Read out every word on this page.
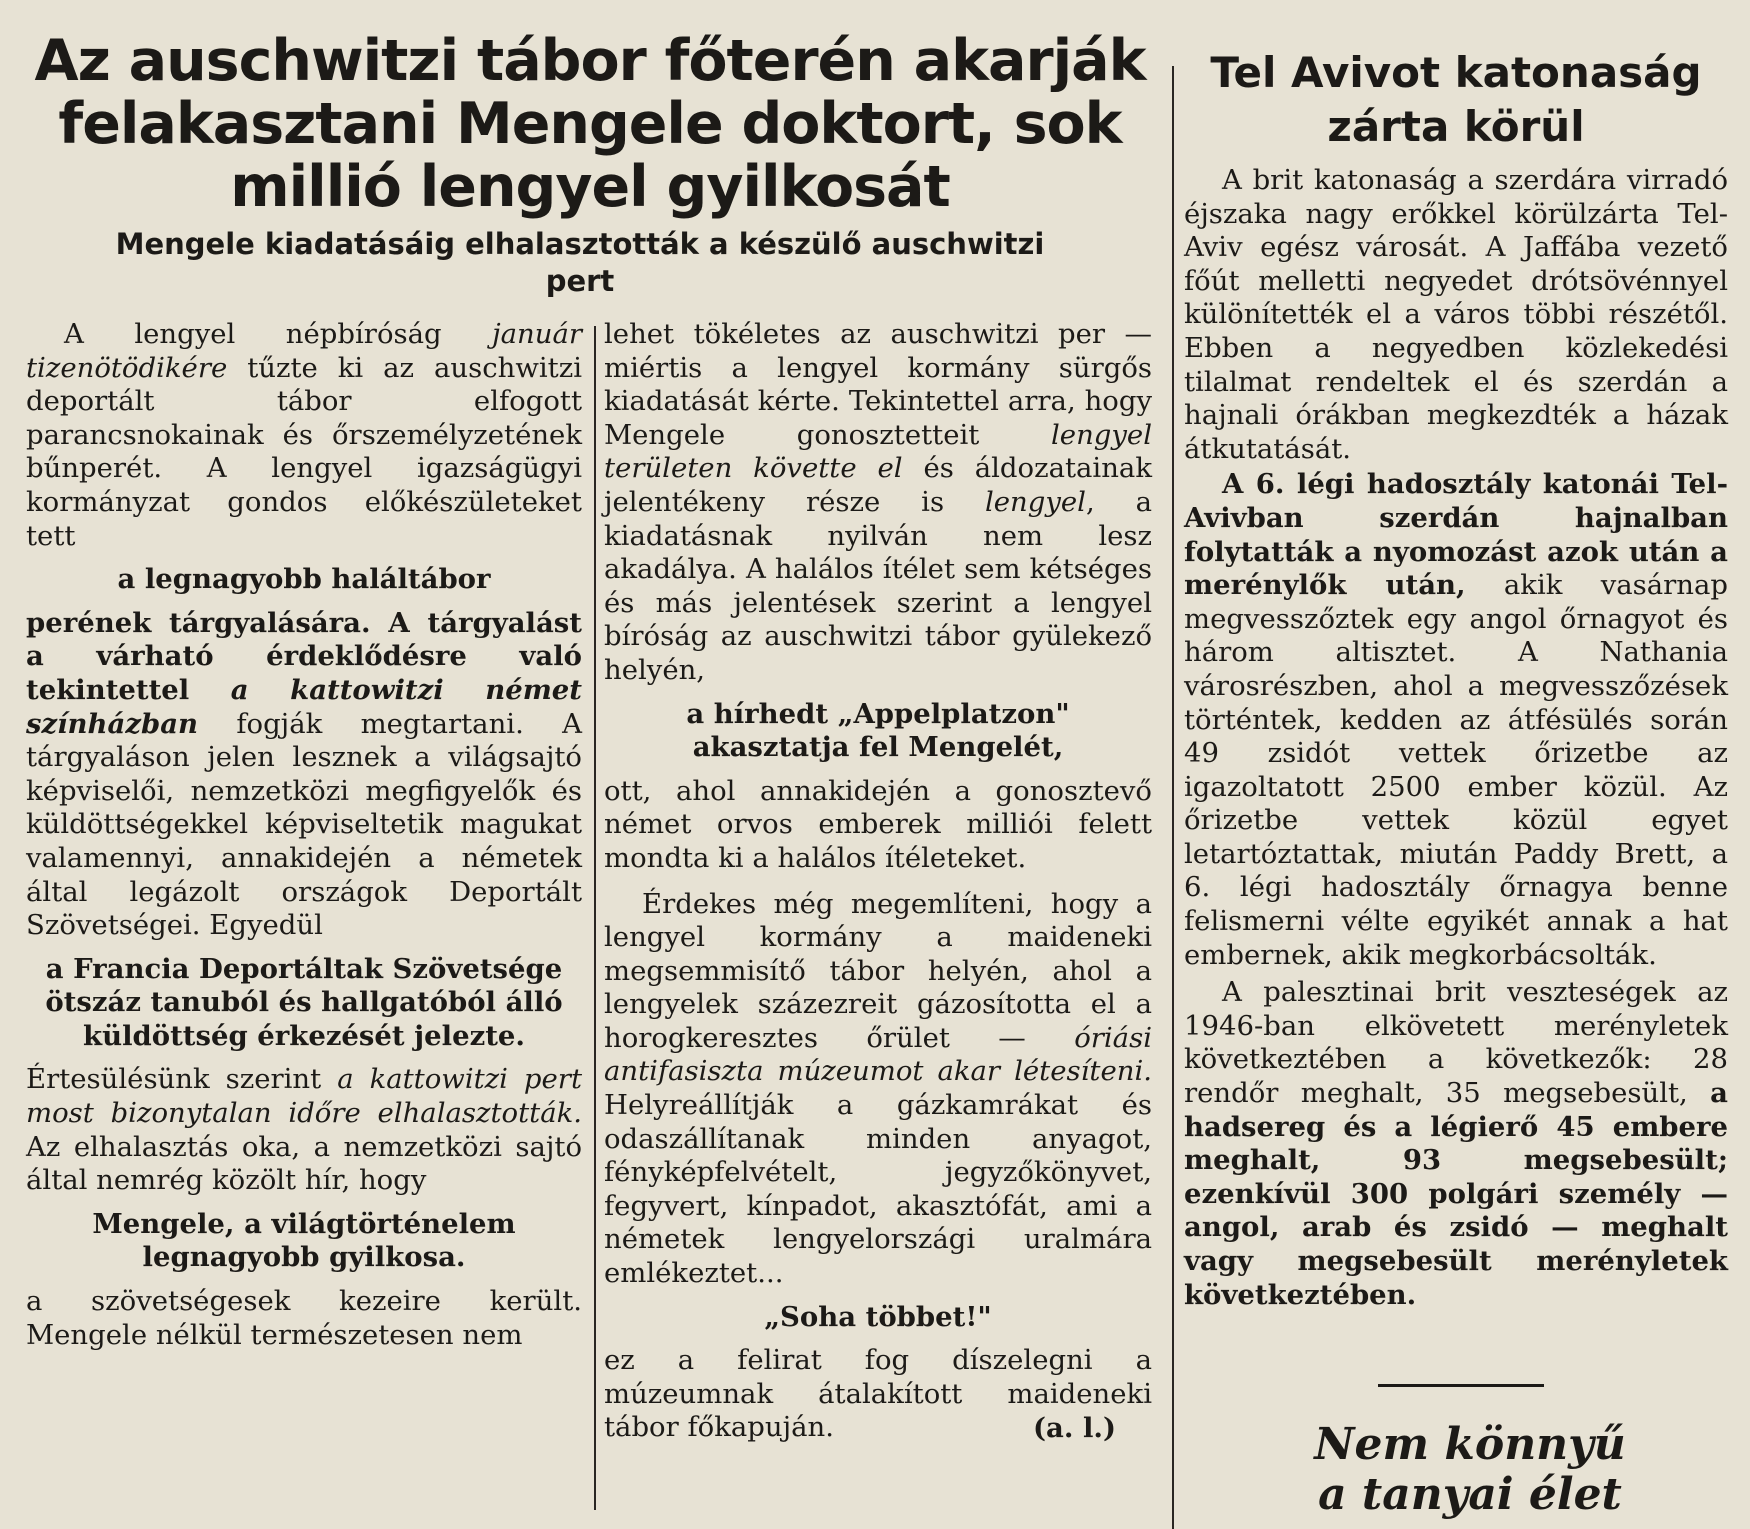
Az auschwitzi tábor főterén akarják felakasztani Mengele doktort, sok millió lengyel gyilkosát
Mengele kiadatásáig elhalasztották a készülő auschwitzi pert

A lengyel népbíróság január tizenötödikére tűzte ki az auschwitzi deportált tábor elfogott parancsnokainak és őrszemélyzetének bűnperét. A lengyel igazságügyi kormányzat gondos előkészületeket tett

a legnagyobb haláltábor

perének tárgyalására. A tárgyalást a várható érdeklődésre való tekintettel a kattowitzi német színházban fogják megtartani. A tárgyaláson jelen lesznek a világsajtó képviselői, nemzetközi megfigyelők és küldöttségekkel képviseltetik magukat valamennyi, annakidején a németek által legázolt országok Deportált Szövetségei. Egyedül

a Francia Deportáltak Szövetsége ötszáz tanuból és hallgatóból álló küldöttség érkezését jelezte.

Értesülésünk szerint a kattowitzi pert most bizonytalan időre elhalasztották. Az elhalasztás oka, a nemzetközi sajtó által nemrég közölt hír, hogy

Mengele, a világtörténelem legnagyobb gyilkosa.

a szövetségesek kezeire került. Mengele nélkül természetesen nem

lehet tökéletes az auschwitzi per — miértis a lengyel kormány sürgős kiadatását kérte. Tekintettel arra, hogy Mengele gonosztetteit lengyel területen követte el és áldozatainak jelentékeny része is lengyel, a kiadatásnak nyilván nem lesz akadálya. A halálos ítélet sem kétséges és más jelentések szerint a lengyel bíróság az auschwitzi tábor gyülekező helyén,

a hírhedt „Appelplatzon" akasztatja fel Mengelét,

ott, ahol annakidején a gonosztevő német orvos emberek milliói felett mondta ki a halálos ítéleteket.

Érdekes még megemlíteni, hogy a lengyel kormány a maideneki megsemmisítő tábor helyén, ahol a lengyelek százezreit gázosította el a horogkeresztes őrület — óriási antifasiszta múzeumot akar létesíteni. Helyreállítják a gázkamrákat és odaszállítanak minden anyagot, fényképfelvételt, jegyzőkönyvet, fegyvert, kínpadot, akasztófát, ami a németek lengyelországi uralmára emlékeztet...

„Soha többet!"

ez a felirat fog díszelegni a múzeumnak átalakított maideneki tábor főkapuján.	(a. l.)

Tel Avivot katonaság zárta körül

A brit katonaság a szerdára virradó éjszaka nagy erőkkel körülzárta Tel-Aviv egész városát. A Jaffába vezető főút melletti negyedet drótsövénnyel különítették el a város többi részétől. Ebben a negyedben közlekedési tilalmat rendeltek el és szerdán a hajnali órákban megkezdték a házak átkutatását.

A 6. légi hadosztály katonái Tel-Avivban szerdán hajnalban folytatták a nyomozást azok után a merénylők után, akik vasárnap megvesszőztek egy angol őrnagyot és három altisztet. A Nathania városrészben, ahol a megvesszőzések történtek, kedden az átfésülés során 49 zsidót vettek őrizetbe az igazoltatott 2500 ember közül. Az őrizetbe vettek közül egyet letartóztattak, miután Paddy Brett, a 6. légi hadosztály őrnagya benne felismerni vélte egyikét annak a hat embernek, akik megkorbácsolták.

A palesztinai brit veszteségek az 1946-ban elkövetett merényletek következtében a következők: 28 rendőr meghalt, 35 megsebesült, a hadsereg és a légierő 45 embere meghalt, 93 megsebesült; ezenkívül 300 polgári személy — angol, arab és zsidó — meghalt vagy megsebesült merényletek következtében.

Nem könnyű
a tanyai élet
